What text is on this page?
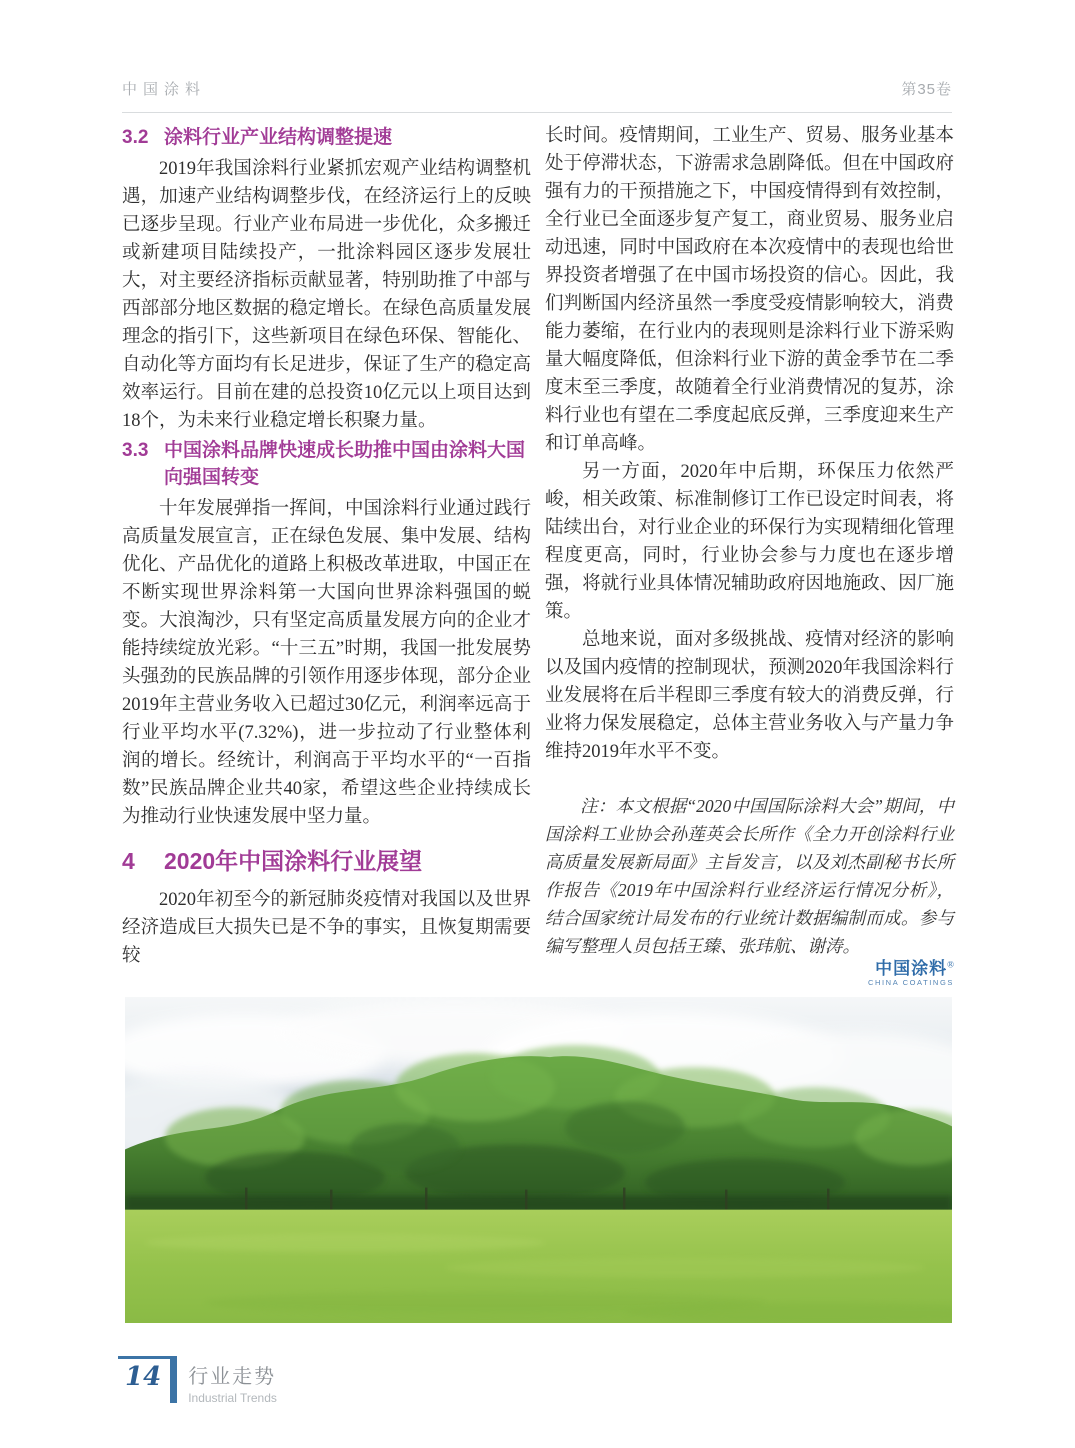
中国涂料	第35卷
3.2 涂料行业产业结构调整提速

2019年我国涂料行业紧抓宏观产业结构调整机遇，加速产业结构调整步伐，在经济运行上的反映已逐步呈现。行业产业布局进一步优化，众多搬迁或新建项目陆续投产，一批涂料园区逐步发展壮大，对主要经济指标贡献显著，特别助推了中部与西部部分地区数据的稳定增长。在绿色高质量发展理念的指引下，这些新项目在绿色环保、智能化、自动化等方面均有长足进步，保证了生产的稳定高效率运行。目前在建的总投资10亿元以上项目达到18个，为未来行业稳定增长积聚力量。

3.3 中国涂料品牌快速成长助推中国由涂料大国向强国转变

十年发展弹指一挥间，中国涂料行业通过践行高质量发展宣言，正在绿色发展、集中发展、结构优化、产品优化的道路上积极改革进取，中国正在不断实现世界涂料第一大国向世界涂料强国的蜕变。大浪淘沙，只有坚定高质量发展方向的企业才能持续绽放光彩。“十三五”时期，我国一批发展势头强劲的民族品牌的引领作用逐步体现，部分企业2019年主营业务收入已超过30亿元，利润率远高于行业平均水平(7.32%)，进一步拉动了行业整体利润的增长。经统计，利润高于平均水平的“一百指数”民族品牌企业共40家，希望这些企业持续成长为推动行业快速发展中坚力量。

4	2020年中国涂料行业展望

2020年初至今的新冠肺炎疫情对我国以及世界经济造成巨大损失已是不争的事实，且恢复期需要较

长时间。疫情期间，工业生产、贸易、服务业基本处于停滞状态，下游需求急剧降低。但在中国政府强有力的干预措施之下，中国疫情得到有效控制，全行业已全面逐步复产复工，商业贸易、服务业启动迅速，同时中国政府在本次疫情中的表现也给世界投资者增强了在中国市场投资的信心。因此，我们判断国内经济虽然一季度受疫情影响较大，消费能力萎缩，在行业内的表现则是涂料行业下游采购量大幅度降低，但涂料行业下游的黄金季节在二季度末至三季度，故随着全行业消费情况的复苏，涂料行业也有望在二季度起底反弹，三季度迎来生产和订单高峰。

另一方面，2020年中后期，环保压力依然严峻，相关政策、标准制修订工作已设定时间表，将陆续出台，对行业企业的环保行为实现精细化管理程度更高，同时，行业协会参与力度也在逐步增强，将就行业具体情况辅助政府因地施政、因厂施策。

总地来说，面对多级挑战、疫情对经济的影响以及国内疫情的控制现状，预测2020年我国涂料行业发展将在后半程即三季度有较大的消费反弹，行业将力保发展稳定，总体主营业务收入与产量力争维持2019年水平不变。

注：本文根据“2020中国国际涂料大会”期间，中国涂料工业协会孙莲英会长所作《全力开创涂料行业高质量发展新局面》主旨发言，以及刘杰副秘书长所作报告《2019年中国涂料行业经济运行情况分析》，结合国家统计局发布的行业统计数据编制而成。参与编写整理人员包括王臻、张玮航、谢涛。

中国涂料®
CHINA COATINGS
14	行业走势
Industrial Trends
